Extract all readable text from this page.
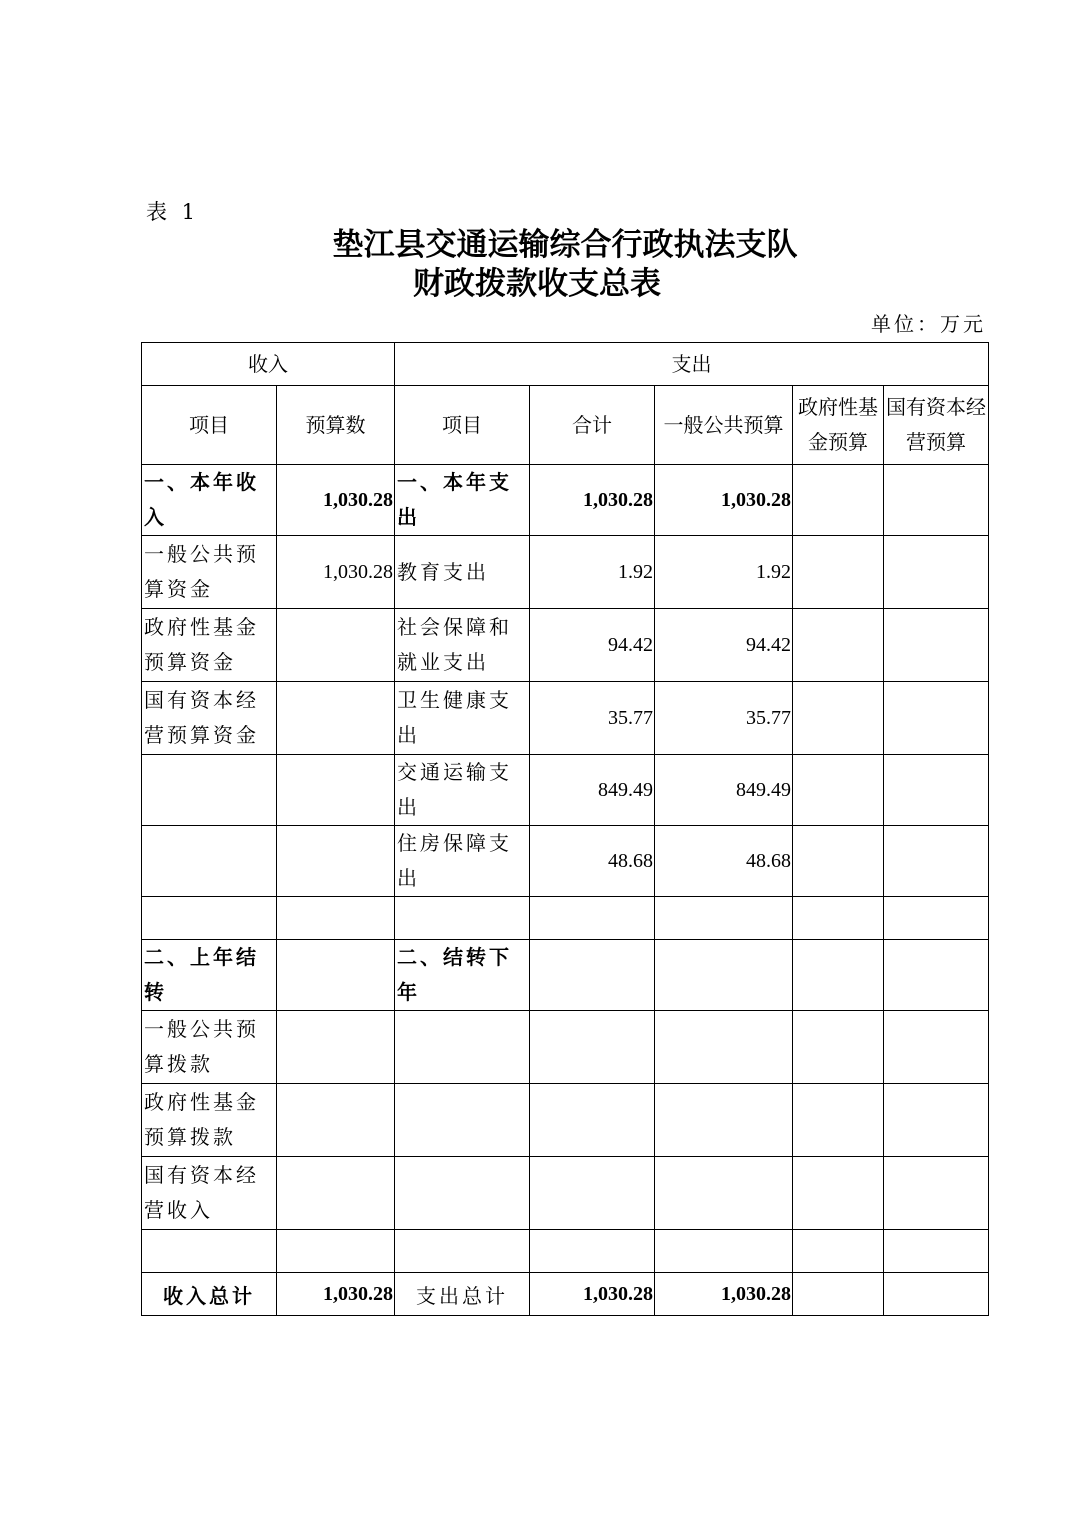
表 1
垫江县交通运输综合行政执法支队
财政拨款收支总表
单位：万元
收入		支出				
项目	预算数	项目	合计	一般公共预算	政府性基金预算	国有资本经营预算
一、本年收入	1,030.28	一、本年支出	1,030.28	1,030.28		
一般公共预算资金	1,030.28	教育支出	1.92	1.92		
政府性基金预算资金		社会保障和就业支出	94.42	94.42		
国有资本经营预算资金		卫生健康支出	35.77	35.77		
		交通运输支出	849.49	849.49		
		住房保障支出	48.68	48.68		

二、上年结转		二、结转下年				
一般公共预算拨款						
政府性基金预算拨款						
国有资本经营收入						

收入总计	1,030.28	支出总计	1,030.28	1,030.28		
